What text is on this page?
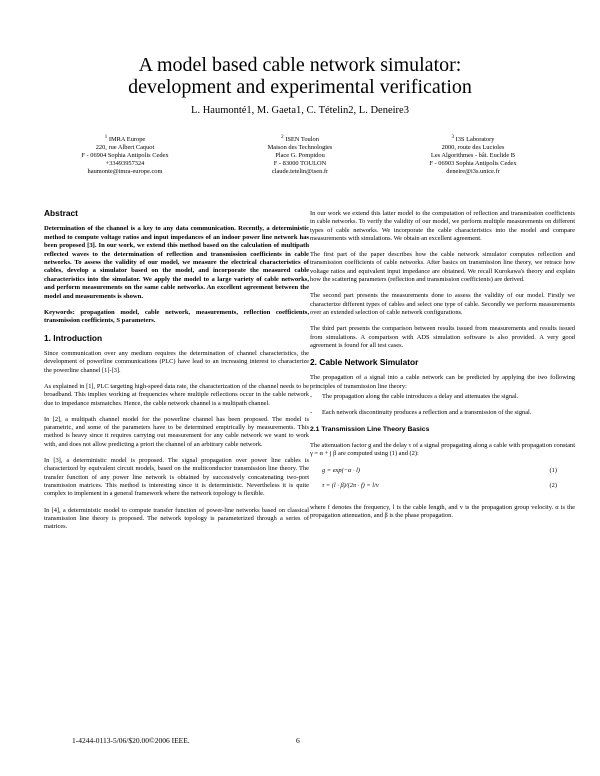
A model based cable network simulator:
development and experimental verification
L. Haumonté1, M. Gaeta1, C. Tételin2, L. Deneire3
$^1$ IMRA Europe
220, rue Albert Caquot
F - 06904 Sophia Antipolis Cedex
+33493957324
haumonte@imra-europe.com
$^2$ ISEN Toulon
Maison des Technologies
Place G. Pompidou
F - 83000 TOULON
claude.tetelin@isen.fr
$^3$ I3S Laboratory
2000, route des Lucioles
Les Algorithmes - bât. Euclide B
F - 06903 Sophia Antipolis Cedex
deneire@i3s.unice.fr
Abstract

Determination of the channel is a key to any data communication. Recently, a deterministic method to compute voltage ratios and input impedances of an indoor power line network has been proposed [3]. In our work, we extend this method based on the calculation of multipath reflected waves to the determination of reflection and transmission coefficients in cable networks. To assess the validity of our model, we measure the electrical characteristics of cables, develop a simulator based on the model, and incorporate the measured cable characteristics into the simulator. We apply the model to a large variety of cable networks, and perform measurements on the same cable networks. An excellent agreement between the model and measurements is shown.

Keywords: propagation model, cable network, measurements, reflection coefficients, transmission coefficients, S parameters.

1. Introduction

Since communication over any medium requires the determination of channel characteristics, the development of powerline communications (PLC) have lead to an increasing interest to characterize the powerline channel [1]-[3].

As explained in [1], PLC targeting high-speed data rate, the characterization of the channel needs to be broadband. This implies working at frequencies where multiple reflections occur in the cable network due to impedance mismatches. Hence, the cable network channel is a multipath channel.

In [2], a multipath channel model for the powerline channel has been proposed. The model is parametric, and some of the parameters have to be determined empirically by measurements. This method is heavy since it requires carrying out measurement for any cable network we want to work with, and does not allow predicting a priori the channel of an arbitrary cable network.

In [3], a deterministic model is proposed. The signal propagation over power line cables is characterized by equivalent circuit models, based on the multiconductor transmission line theory. The transfer function of any power line network is obtained by successively concatenating two-port transmission matrices. This method is interesting since it is deterministic. Nevertheless it is quite complex to implement in a general framework where the network topology is flexible.

In [4], a deterministic model to compute transfer function of power-line networks based on classical transmission line theory is proposed. The network topology is parameterized through a series of matrices.

In our work we extend this latter model to the computation of reflection and transmission coefficients in cable networks. To verify the validity of our model, we perform multiple measurements on different types of cable networks. We incorporate the cable characteristics into the model and compare measurements with simulations. We obtain an excellent agreement.

The first part of the paper describes how the cable network simulator computes reflection and transmission coefficients of cable networks. After basics on transmission line theory, we retrace how voltage ratios and equivalent input impedance are obtained. We recall Kurokawa's theory and explain how the scattering parameters (reflection and transmission coefficients) are derived.

The second part presents the measurements done to assess the validity of our model. Firstly we characterize different types of cables and select one type of cable. Secondly we perform measurements over an extended selection of cable network configurations.

The third part presents the comparison between results issued from measurements and results issued from simulations. A comparison with ADS simulation software is also provided. A very good agreement is found for all test cases.

2. Cable Network Simulator

The propagation of a signal into a cable network can be predicted by applying the two following principles of transmission line theory:

- The propagation along the cable introduces a delay and attenuates the signal.

- Each network discontinuity produces a reflection and a transmission of the signal.

2.1 Transmission Line Theory Basics

The attenuation factor g and the delay τ of a signal propagating along a cable with propagation constant γ = α + j β are computed using (1) and (2):

g = exp(−α · l)	(1)
τ = (l · β)/(2π · f) = l/v	(2)

where f denotes the frequency, l is the cable length, and v is the propagation group velocity. α is the propagation attenuation, and β is the phase propagation.

1-4244-0113-5/06/$20.00©2006 IEEE.	6
